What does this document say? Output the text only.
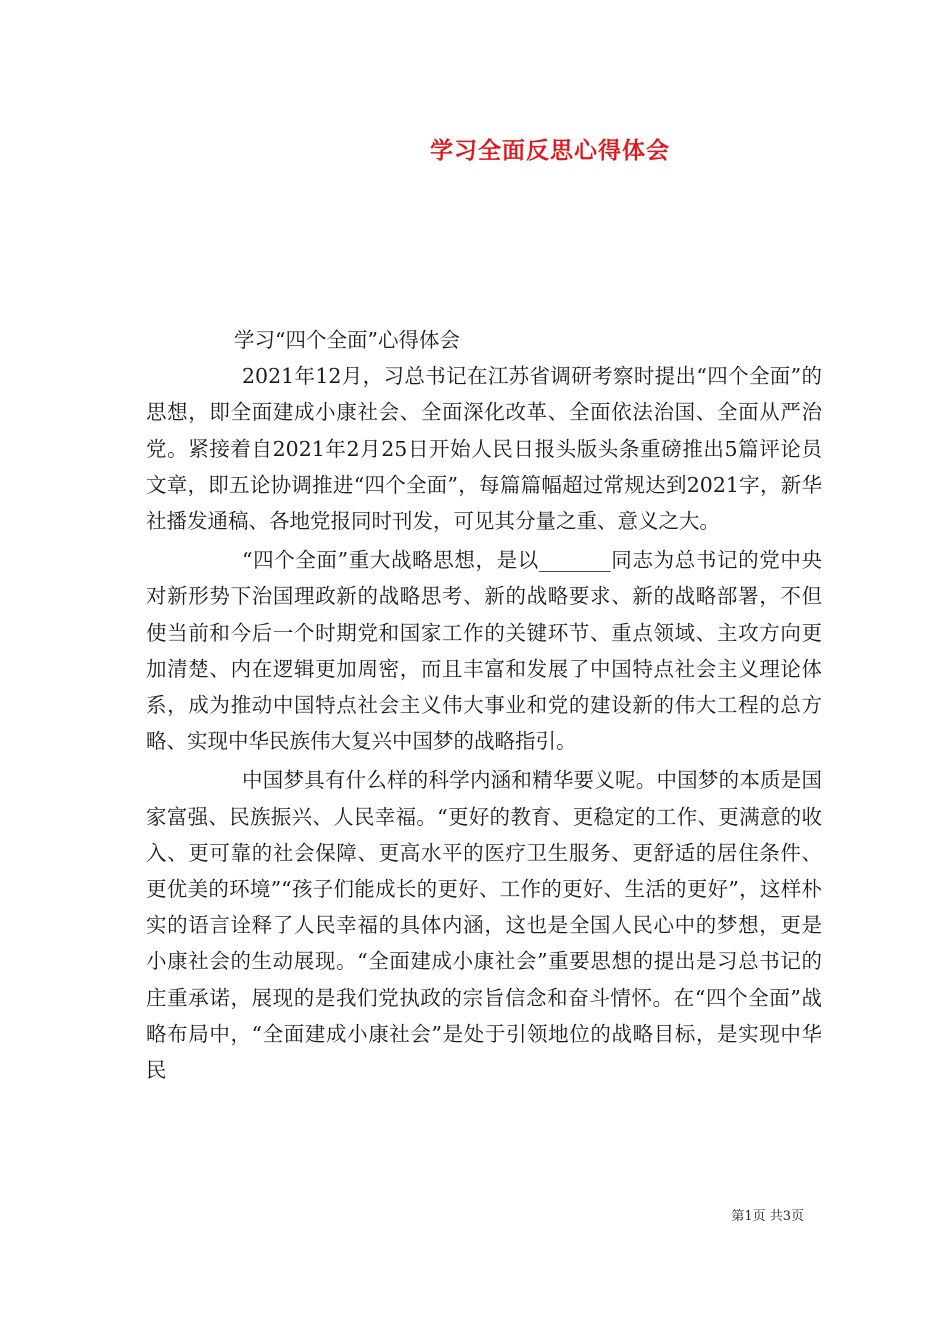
学习全面反思心得体会

学习“四个全面”心得体会

2021年12月，习总书记在江苏省调研考察时提出“四个全面”的思想，即全面建成小康社会、全面深化改革、全面依法治国、全面从严治党。紧接着自2021年2月25日开始人民日报头版头条重磅推出5篇评论员文章，即五论协调推进“四个全面”，每篇篇幅超过常规达到2021字，新华社播发通稿、各地党报同时刊发，可见其分量之重、意义之大。

“四个全面”重大战略思想，是以_______同志为总书记的党中央对新形势下治国理政新的战略思考、新的战略要求、新的战略部署，不但使当前和今后一个时期党和国家工作的关键环节、重点领域、主攻方向更加清楚、内在逻辑更加周密，而且丰富和发展了中国特点社会主义理论体系，成为推动中国特点社会主义伟大事业和党的建设新的伟大工程的总方略、实现中华民族伟大复兴中国梦的战略指引。

中国梦具有什么样的科学内涵和精华要义呢。中国梦的本质是国家富强、民族振兴、人民幸福。“更好的教育、更稳定的工作、更满意的收入、更可靠的社会保障、更高水平的医疗卫生服务、更舒适的居住条件、更优美的环境”“孩子们能成长的更好、工作的更好、生活的更好”，这样朴实的语言诠释了人民幸福的具体内涵，这也是全国人民心中的梦想，更是小康社会的生动展现。“全面建成小康社会”重要思想的提出是习总书记的庄重承诺，展现的是我们党执政的宗旨信念和奋斗情怀。在“四个全面”战略布局中，“全面建成小康社会”是处于引领地位的战略目标，是实现中华民

第1页 共3页
